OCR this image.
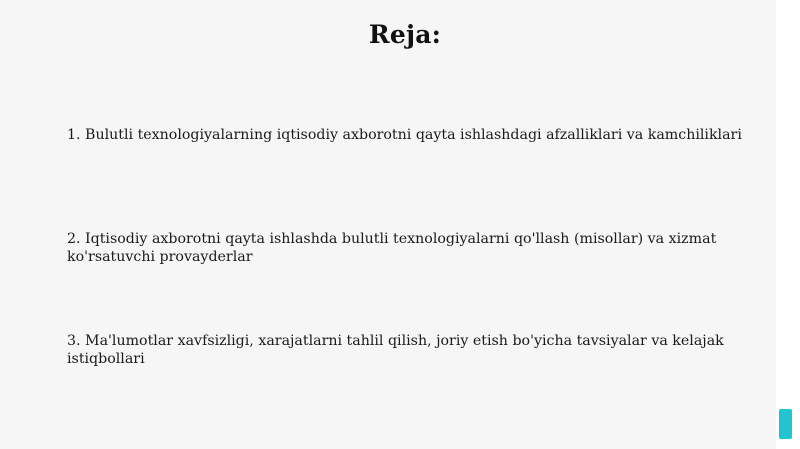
Reja:
1. Bulutli texnologiyalarning iqtisodiy axborotni qayta ishlashdagi afzalliklari va kamchiliklari
2. Iqtisodiy axborotni qayta ishlashda bulutli texnologiyalarni qo'llash (misollar) va xizmat ko'rsatuvchi provayderlar
3. Ma'lumotlar xavfsizligi, xarajatlarni tahlil qilish, joriy etish bo'yicha tavsiyalar va kelajak istiqbollari
